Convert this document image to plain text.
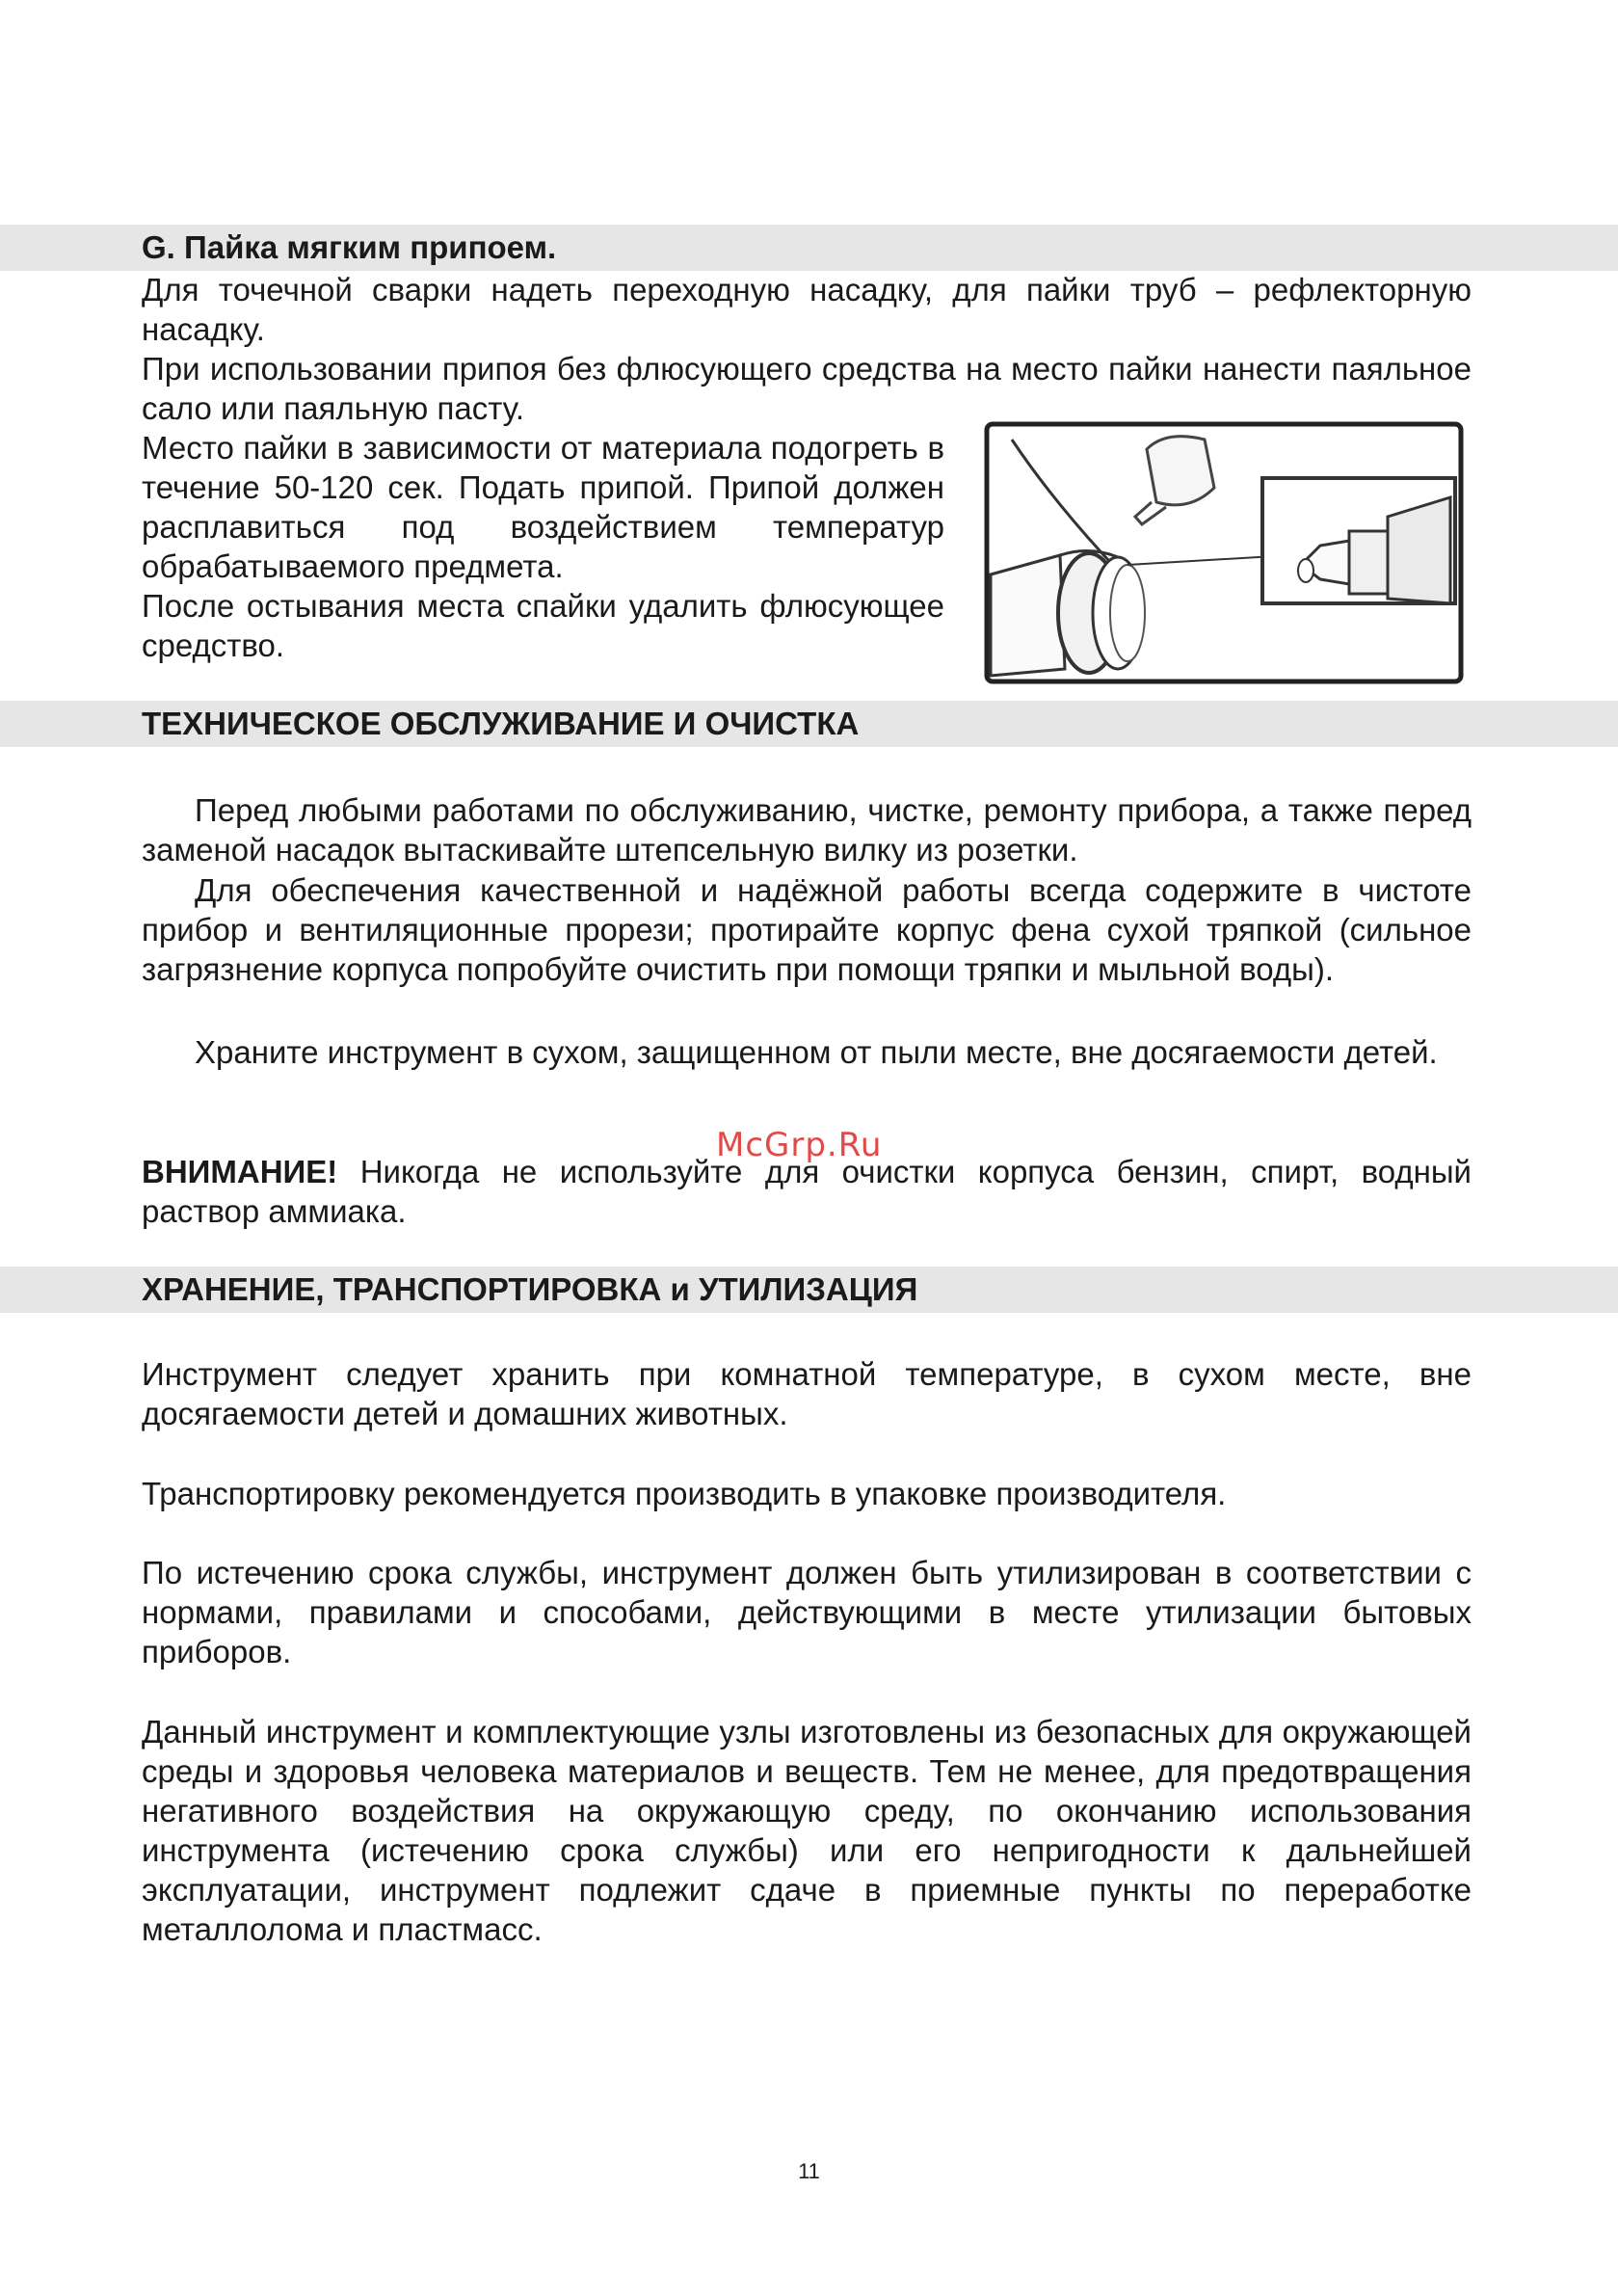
G. Пайка мягким припоем.

Для точечной сварки надеть переходную насадку, для пайки труб – рефлекторную насадку.

При использовании припоя без флюсующего средства на место пайки нанести паяльное сало или паяльную пасту.

Место пайки в зависимости от материала подогреть в течение 50-120 сек. Подать припой. Припой должен расплавиться под воздействием температур обрабатываемого предмета.

После остывания места спайки удалить флюсующее средство.

ТЕХНИЧЕСКОЕ ОБСЛУЖИВАНИЕ И ОЧИСТКА

Перед любыми работами по обслуживанию, чистке, ремонту прибора, а также перед заменой насадок вытаскивайте штепсельную вилку из розетки.

Для обеспечения качественной и надёжной работы всегда содержите в чистоте прибор и вентиляционные прорези; протирайте корпус фена сухой тряпкой (сильное загрязнение корпуса попробуйте очистить при помощи тряпки и мыльной воды).

Храните инструмент в сухом, защищенном от пыли месте, вне досягаемости детей.

McGrp.Ru

ВНИМАНИЕ! Никогда не используйте для очистки корпуса бензин, спирт, водный раствор аммиака.

ХРАНЕНИЕ, ТРАНСПОРТИРОВКА и УТИЛИЗАЦИЯ

Инструмент следует хранить при комнатной температуре, в сухом месте, вне досягаемости детей и домашних животных.

Транспортировку рекомендуется производить в упаковке производителя.

По истечению срока службы, инструмент должен быть утилизирован в соответствии с нормами, правилами и способами, действующими в месте утилизации бытовых приборов.

Данный инструмент и комплектующие узлы изготовлены из безопасных для окружающей среды и здоровья человека материалов и веществ. Тем не менее, для предотвращения негативного воздействия на окружающую среду, по окончанию использования инструмента (истечению срока службы) или его непригодности к дальнейшей эксплуатации, инструмент подлежит сдаче в приемные пункты по переработке металлолома и пластмасс.

11
